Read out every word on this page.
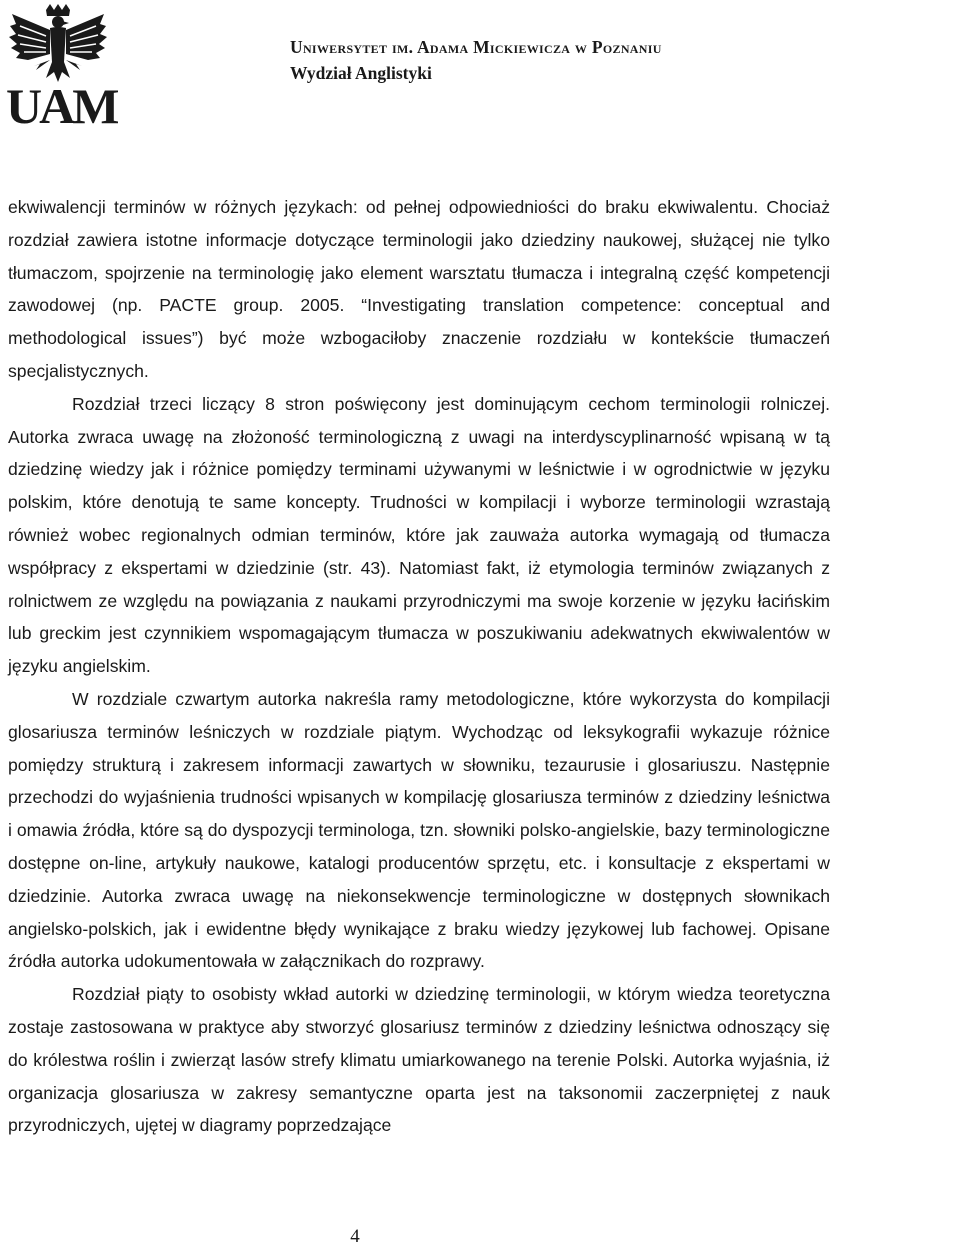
UAM
Uniwersytet im. Adama Mickiewicza w Poznaniu
Wydział Anglistyki

ekwiwalencji terminów w różnych językach: od pełnej odpowiedniości do braku ekwiwalentu. Chociaż rozdział zawiera istotne informacje dotyczące terminologii jako dziedziny naukowej, służącej nie tylko tłumaczom, spojrzenie na terminologię jako element warsztatu tłumacza i integralną część kompetencji zawodowej (np. PACTE group. 2005. “Investigating translation competence: conceptual and methodological issues”) być może wzbogaciłoby znaczenie rozdziału w kontekście tłumaczeń specjalistycznych.

Rozdział trzeci liczący 8 stron poświęcony jest dominującym cechom terminologii rolniczej. Autorka zwraca uwagę na złożoność terminologiczną z uwagi na interdyscyplinarność wpisaną w tą dziedzinę wiedzy jak i różnice pomiędzy terminami używanymi w leśnictwie i w ogrodnictwie w języku polskim, które denotują te same koncepty. Trudności w kompilacji i wyborze terminologii wzrastają również wobec regionalnych odmian terminów, które jak zauważa autorka wymagają od tłumacza współpracy z ekspertami w dziedzinie (str. 43). Natomiast fakt, iż etymologia terminów związanych z rolnictwem ze względu na powiązania z naukami przyrodniczymi ma swoje korzenie w języku łacińskim lub greckim jest czynnikiem wspomagającym tłumacza w poszukiwaniu adekwatnych ekwiwalentów w języku angielskim.

W rozdziale czwartym autorka nakreśla ramy metodologiczne, które wykorzysta do kompilacji glosariusza terminów leśniczych w rozdziale piątym. Wychodząc od leksykografii wykazuje różnice pomiędzy strukturą i zakresem informacji zawartych w słowniku, tezaurusie i glosariuszu. Następnie przechodzi do wyjaśnienia trudności wpisanych w kompilację glosariusza terminów z dziedziny leśnictwa i omawia źródła, które są do dyspozycji terminologa, tzn. słowniki polsko-angielskie, bazy terminologiczne dostępne on-line, artykuły naukowe, katalogi producentów sprzętu, etc. i konsultacje z ekspertami w dziedzinie. Autorka zwraca uwagę na niekonsekwencje terminologiczne w dostępnych słownikach angielsko-polskich, jak i ewidentne błędy wynikające z braku wiedzy językowej lub fachowej. Opisane źródła autorka udokumentowała w załącznikach do rozprawy.

Rozdział piąty to osobisty wkład autorki w dziedzinę terminologii, w którym wiedza teoretyczna zostaje zastosowana w praktyce aby stworzyć glosariusz terminów z dziedziny leśnictwa odnoszący się do królestwa roślin i zwierząt lasów strefy klimatu umiarkowanego na terenie Polski. Autorka wyjaśnia, iż organizacja glosariusza w zakresy semantyczne oparta jest na taksonomii zaczerpniętej z nauk przyrodniczych, ujętej w diagramy poprzedzające

4
